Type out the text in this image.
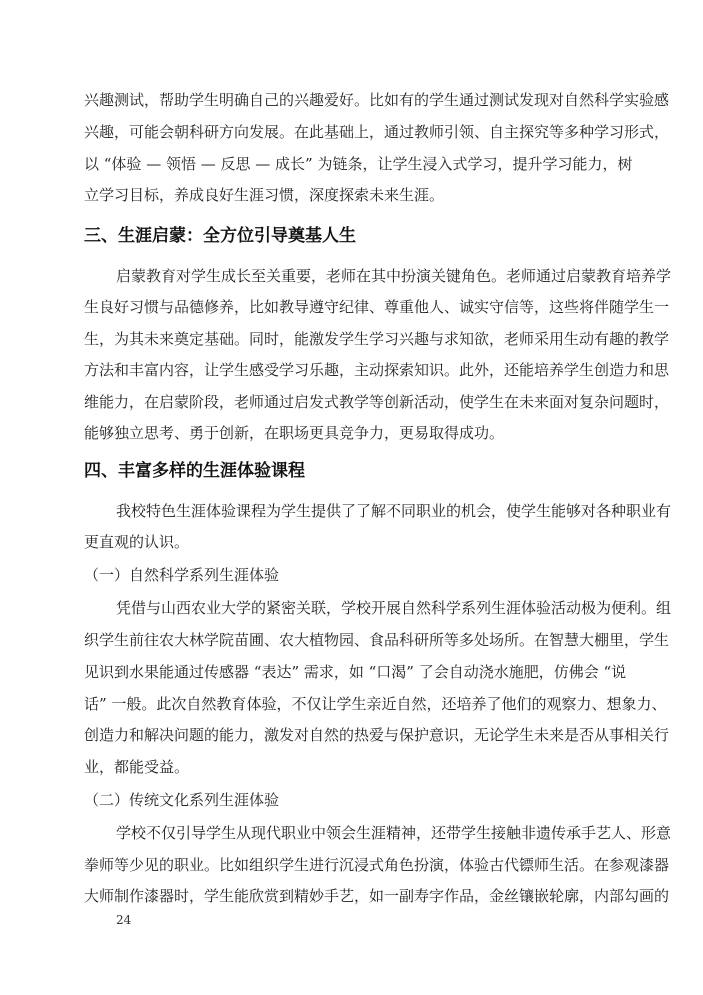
兴趣测试，帮助学生明确自己的兴趣爱好。比如有的学生通过测试发现对自然科学实验感
兴趣，可能会朝科研方向发展。在此基础上，通过教师引领、自主探究等多种学习形式，
以 “体验 — 领悟 — 反思 — 成长” 为链条，让学生浸入式学习，提升学习能力，树
立学习目标，养成良好生涯习惯，深度探索未来生涯。
三、生涯启蒙：全方位引导奠基人生
启蒙教育对学生成长至关重要，老师在其中扮演关键角色。老师通过启蒙教育培养学
生良好习惯与品德修养，比如教导遵守纪律、尊重他人、诚实守信等，这些将伴随学生一
生，为其未来奠定基础。同时，能激发学生学习兴趣与求知欲，老师采用生动有趣的教学
方法和丰富内容，让学生感受学习乐趣，主动探索知识。此外，还能培养学生创造力和思
维能力，在启蒙阶段，老师通过启发式教学等创新活动，使学生在未来面对复杂问题时，
能够独立思考、勇于创新，在职场更具竞争力，更易取得成功。
四、丰富多样的生涯体验课程
我校特色生涯体验课程为学生提供了了解不同职业的机会，使学生能够对各种职业有
更直观的认识。
（一）自然科学系列生涯体验
凭借与山西农业大学的紧密关联，学校开展自然科学系列生涯体验活动极为便利。组
织学生前往农大林学院苗圃、农大植物园、食品科研所等多处场所。在智慧大棚里，学生
见识到水果能通过传感器 “表达” 需求，如 “口渴” 了会自动浇水施肥，仿佛会 “说
话” 一般。此次自然教育体验，不仅让学生亲近自然，还培养了他们的观察力、想象力、
创造力和解决问题的能力，激发对自然的热爱与保护意识，无论学生未来是否从事相关行
业，都能受益。
（二）传统文化系列生涯体验
学校不仅引导学生从现代职业中领会生涯精神，还带学生接触非遗传承手艺人、形意
拳师等少见的职业。比如组织学生进行沉浸式角色扮演，体验古代镖师生活。在参观漆器
大师制作漆器时，学生能欣赏到精妙手艺，如一副寿字作品，金丝镶嵌轮廓，内部勾画的
24
